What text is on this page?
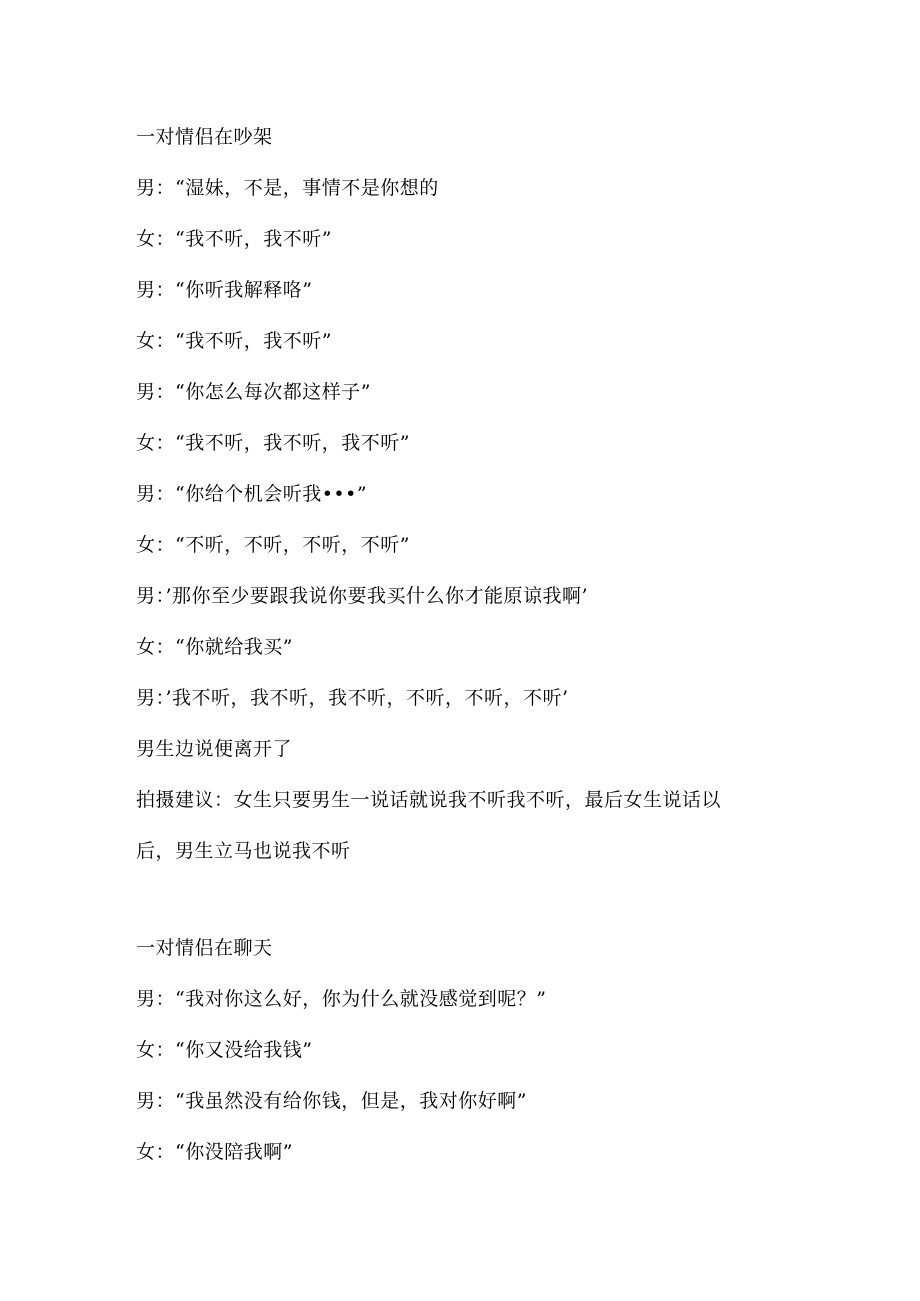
一对情侣在吵架
男：“湿妹，不是，事情不是你想的
女：“我不听，我不听”
男：“你听我解释咯”
女：“我不听，我不听”
男：“你怎么每次都这样子”
女：“我不听，我不听，我不听”
男：“你给个机会听我•••”
女：“不听，不听，不听，不听”
男：’那你至少要跟我说你要我买什么你才能原谅我啊’
女：“你就给我买”
男：’我不听，我不听，我不听，不听，不听，不听’
男生边说便离开了
拍摄建议：女生只要男生一说话就说我不听我不听，最后女生说话以
后，男生立马也说我不听
一对情侣在聊天
男：“我对你这么好，你为什么就没感觉到呢？”
女：“你又没给我钱”
男：“我虽然没有给你钱，但是，我对你好啊”
女：“你没陪我啊”
